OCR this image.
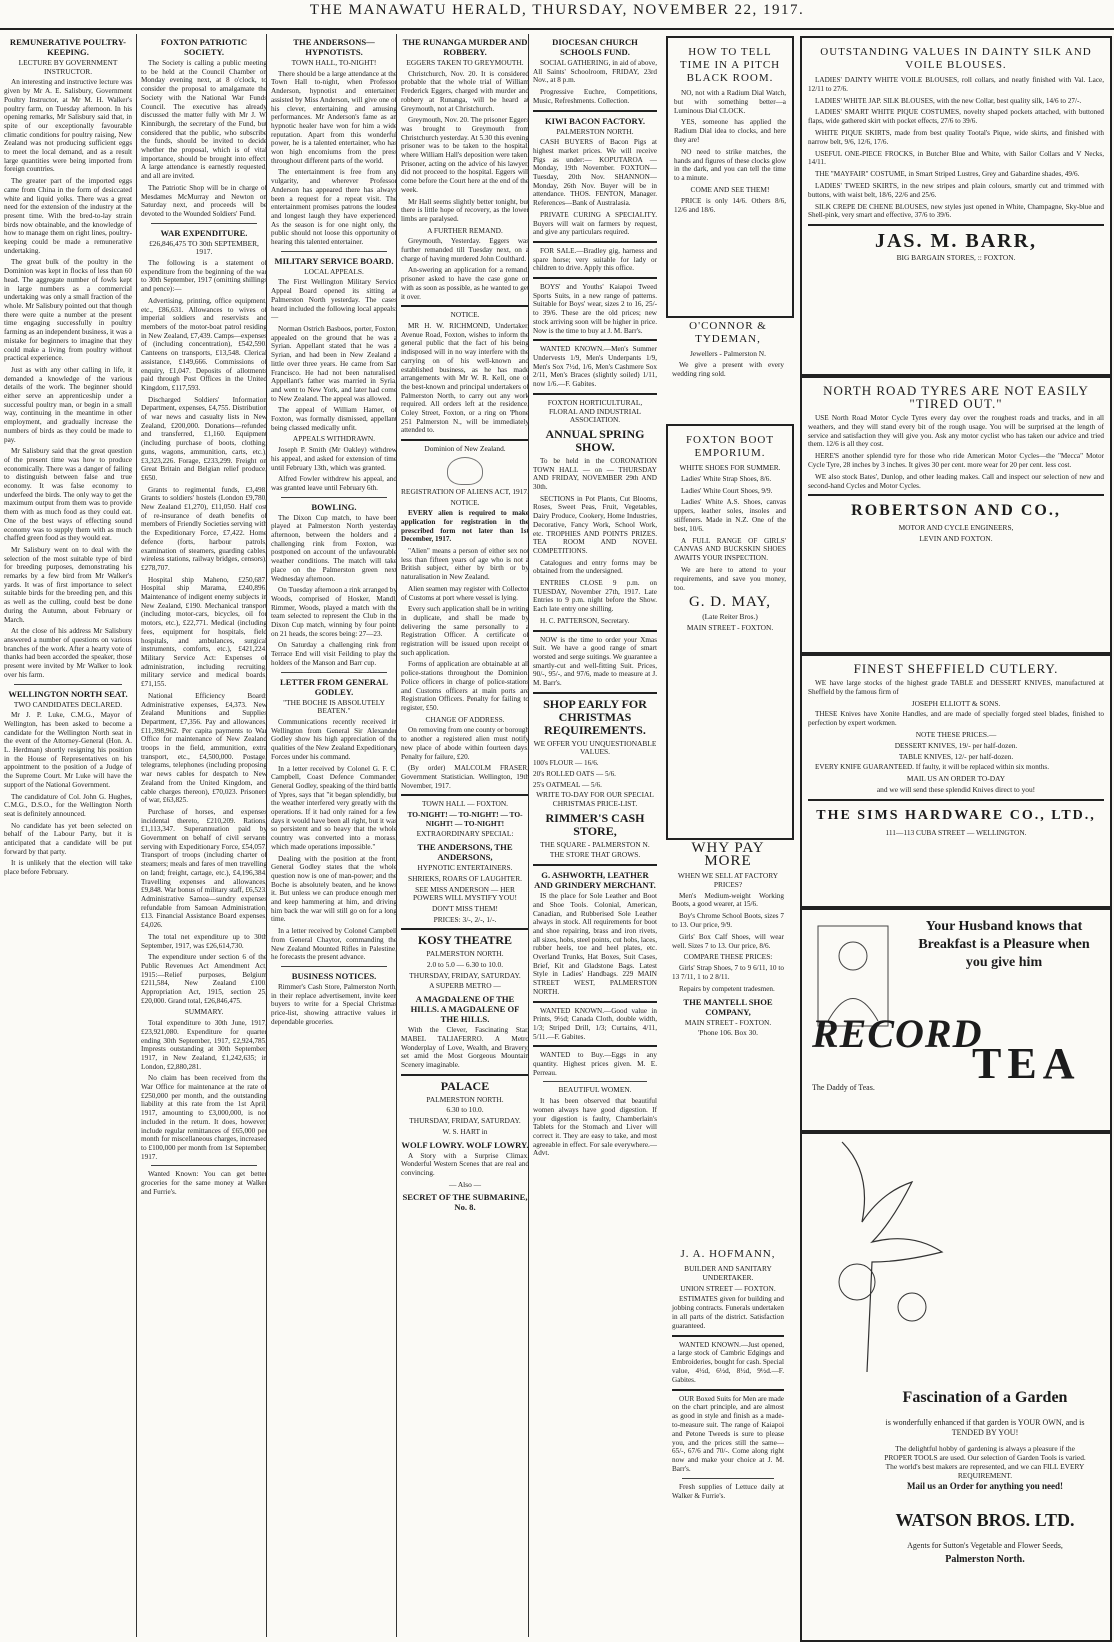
THE MANAWATU HERALD, THURSDAY, NOVEMBER 22, 1917.
REMUNERATIVE POULTRY-KEEPING.
LECTURE BY GOVERNMENT INSTRUCTOR.
An interesting and instructive lecture was given by Mr A. E. Salisbury, Government Poultry Instructor, at Mr M. H. Walker's poultry farm, on Tuesday afternoon. In his opening remarks, Mr Salisbury said that, in spite of our exceptionally favourable climatic conditions for poultry raising, New Zealand was not producing sufficient eggs to meet the local demand, and as a result large quantities were being imported from foreign countries.
The greater part of the imported eggs came from China in the form of desiccated white and liquid yolks. There was a great need for the extension of the industry at the present time. With the bred-to-lay strain birds now obtainable, and the knowledge of how to manage them on right lines, poultry-keeping could be made a remunerative undertaking.
The great bulk of the poultry in the Dominion was kept in flocks of less than 60 head. The aggregate number of fowls kept in large numbers as a commercial undertaking was only a small fraction of the whole. Mr Salisbury pointed out that though there were quite a number at the present time engaging successfully in poultry farming as an independent business, it was a mistake for beginners to imagine that they could make a living from poultry without practical experience.
Just as with any other calling in life, it demanded a knowledge of the various details of the work. The beginner should either serve an apprenticeship under a successful poultry man, or begin in a small way, continuing in the meantime in other employment, and gradually increase the numbers of birds as they could be made to pay.
Mr Salisbury said that the great question of the present time was how to produce economically. There was a danger of failing to distinguish between false and true economy. It was false economy to underfeed the birds. The only way to get the maximum output from them was to provide them with as much food as they could eat. One of the best ways of effecting sound economy was to supply them with as much chaffed green food as they would eat.
Mr Salisbury went on to deal with the selection of the most suitable type of bird for breeding purposes, demonstrating his remarks by a few bird from Mr Walker's yards. It was of first importance to select suitable birds for the breeding pen, and this as well as the culling, could best be done during the Autumn, about February or March.
At the close of his address Mr Salisbury answered a number of questions on various branches of the work. After a hearty vote of thanks had been accorded the speaker, those present were invited by Mr Walker to look over his farm.
WELLINGTON NORTH SEAT.
TWO CANDIDATES DECLARED.
Mr J. P. Luke, C.M.G., Mayor of Wellington, has been asked to become a candidate for the Wellington North seat in the event of the Attorney-General (Hon. A. L. Herdman) shortly resigning his position in the House of Representatives on his appointment to the position of a Judge of the Supreme Court. Mr Luke will have the support of the National Government.
The candidature of Col. John G. Hughes, C.M.G., D.S.O., for the Wellington North seat is definitely announced.
No candidate has yet been selected on behalf of the Labour Party, but it is anticipated that a candidate will be put forward by that party.
It is unlikely that the election will take place before February.
FOXTON PATRIOTIC SOCIETY.
The Society is calling a public meeting to be held at the Council Chamber on Monday evening next, at 8 o'clock, to consider the proposal to amalgamate the Society with the National War Funds Council. The executive has already discussed the matter fully with Mr J. W. Kinniburgh, the secretary of the Fund, but considered that the public, who subscribe the funds, should be invited to decide whether the proposal, which is of vital importance, should be brought into effect. A large attendance is earnestly requested, and all are invited.
The Patriotic Shop will be in charge of Mesdames McMurray and Newton on Saturday next, and proceeds will be devoted to the Wounded Soldiers' Fund.
WAR EXPENDITURE.
£26,846,475 TO 30th SEPTEMBER, 1917.
The following is a statement of expenditure from the beginning of the war to 30th September, 1917 (omitting shillings and pence):—
Advertising, printing, office equipment, etc., £86,631. Allowances to wives of imperial soldiers and reservists and members of the motor-boat patrol residing in New Zealand, £7,439. Camps—expenses of (including concentration), £542,590. Canteens on transports, £13,548. Clerical assistance, £149,666. Commissions of enquiry, £1,047. Deposits of allotments paid through Post Offices in the United Kingdom, £117,593.
Discharged Soldiers' Information Department, expenses, £4,755. Distribution of war news and casualty lists in New Zealand, £200,000. Donations—refunded and transferred, £1,160. Equipment (including purchase of boots, clothing, guns, wagons, ammunition, carts, etc.), £3,323,226. Forage, £233,299. Freight on Great Britain and Belgian relief produce, £650.
Grants to regimental funds, £3,498. Grants to soldiers' hostels (London £9,780, New Zealand £1,270), £11,050. Half cost of re-insurance of death benefits of members of Friendly Societies serving with the Expeditionary Force, £7,422. Home defence (forts, harbour patrols, examination of steamers, guarding cables, wireless stations, railway bridges, censors), £278,707.
Hospital ship Maheno, £250,687. Hospital ship Marama, £240,896. Maintenance of indigent enemy subjects in New Zealand, £190. Mechanical transport (including motor-cars, bicycles, oil for motors, etc.), £22,771. Medical (including fees, equipment for hospitals, field hospitals, and ambulances, surgical instruments, comforts, etc.), £421,224. Military Service Act: Expenses of administration, including recruiting, military service and medical boards, £71,155.
National Efficiency Board: Administrative expenses, £4,373. New Zealand Munitions and Supplies Department, £7,356. Pay and allowances, £11,398,962. Per capita payments to War Office for maintenance of New Zealand troops in the field, ammunition, extra transport, etc., £4,500,000. Postage, telegrams, telephones (including proposing war news cables for despatch to New Zealand from the United Kingdom, and cable charges thereon), £70,023. Prisoners of war, £63,825.
Purchase of horses, and expenses incidental thereto, £210,209. Rations, £1,113,347. Superannuation paid by Government on behalf of civil servants serving with Expeditionary Force, £54,057. Transport of troops (including charter of steamers; meals and fares of men travelling on land; freight, cartage, etc.), £4,196,384. Travelling expenses and allowances, £9,848. War bonus of military staff, £6,523. Administrative Samoa—sundry expenses refundable from Samoan Administration, £13. Financial Assistance Board expenses, £4,026.
The total net expenditure up to 30th September, 1917, was £26,614,730.
The expenditure under section 6 of the Public Revenues Act Amendment Act, 1915:—Relief purposes, Belgium £211,584, New Zealand £100. Appropriation Act, 1915, section 25, £20,000. Grand total, £26,846,475.
SUMMARY.
Total expenditure to 30th June, 1917, £23,921,080. Expenditure for quarter ending 30th September, 1917, £2,924,785. Imprests outstanding at 30th September, 1917, in New Zealand, £1,242,635; in London, £2,880,281.
No claim has been received from the War Office for maintenance at the rate of £250,000 per month, and the outstanding liability at this rate from the 1st April, 1917, amounting to £3,000,000, is not included in the return. It does, however, include regular remittances of £65,000 per month for miscellaneous charges, increased to £100,000 per month from 1st September, 1917.
Wanted Known: You can get better groceries for the same money at Walker and Furrie's.
THE ANDERSONS—HYPNOTISTS.
TOWN HALL, TO-NIGHT!
There should be a large attendance at the Town Hall to-night, when Professor Anderson, hypnotist and entertainer, assisted by Miss Anderson, will give one of his clever, entertaining and amusing performances. Mr Anderson's fame as an hypnotic healer have won for him a wide reputation. Apart from this wonderful power, he is a talented entertainer, who has won high encomiums from the press throughout different parts of the world.
The entertainment is free from any vulgarity, and wherever Professor Anderson has appeared there has always been a request for a repeat visit. The entertainment promises patrons the loudest and longest laugh they have experienced. As the season is for one night only, the public should not loose this opportunity of hearing this talented entertainer.
MILITARY SERVICE BOARD.
LOCAL APPEALS.
The First Wellington Military Service Appeal Board opened its sitting at Palmerston North yesterday. The cases heard included the following local appeals:—
Norman Ostrich Basboos, porter, Foxton, appealed on the ground that he was a Syrian. Appellant stated that he was a Syrian, and had been in New Zealand a little over three years. He came from San Francisco. He had not been naturalised. Appellant's father was married in Syria, and went to New York, and later had come to New Zealand. The appeal was allowed.
The appeal of William Hamer, of Foxton, was formally dismissed, appellant being classed medically unfit.
APPEALS WITHDRAWN.
Joseph P. Smith (Mr Oakley) withdrew his appeal, and asked for extension of time until February 13th, which was granted.
Alfred Fowler withdrew his appeal, and was granted leave until February 6th.
BOWLING.
The Dixon Cup match, to have been played at Palmerston North yesterday afternoon, between the holders and a challenging rink from Foxton, was postponed on account of the unfavourable weather conditions. The match will take place on the Palmerston green next Wednesday afternoon.
On Tuesday afternoon a rink arranged by Woods, comprised of Hosker, Mandl, Rimmer, Woods, played a match with the team selected to represent the Club in the Dixon Cup match, winning by four points on 21 heads, the scores being: 27—23.
On Saturday a challenging rink from Terrace End will visit Feilding to play the holders of the Manson and Barr cup.
LETTER FROM GENERAL GODLEY.
"THE BOCHE IS ABSOLUTELY BEATEN."
Communications recently received in Wellington from General Sir Alexander Godley show his high appreciation of the qualities of the New Zealand Expeditionary Forces under his command.
In a letter received by Colonel G. F. C. Campbell, Coast Defence Commander, General Godley, speaking of the third battle of Ypres, says that "it began splendidly, but the weather interfered very greatly with the operations. If it had only rained for a few days it would have been all right, but it was so persistent and so heavy that the whole country was converted into a morass, which made operations impossible."
Dealing with the position at the front, General Godley states that the whole question now is one of man-power; and the Boche is absolutely beaten, and he knows it. But unless we can produce enough men and keep hammering at him, and driving him back the war will still go on for a long time.
In a letter received by Colonel Campbell from General Chaytor, commanding the New Zealand Mounted Rifles in Palestine, he forecasts the present advance.
BUSINESS NOTICES.
Rimmer's Cash Store, Palmerston North, in their replace advertisement, invite keen buyers to write for a Special Christmas price-list, showing attractive values in dependable groceries.
THE RUNANGA MURDER AND ROBBERY.
EGGERS TAKEN TO GREYMOUTH.
Christchurch, Nov. 20. It is considered probable that the whole trial of William Frederick Eggers, charged with murder and robbery at Runanga, will be heard at Greymouth, not at Christchurch.
Greymouth, Nov. 20. The prisoner Eggers was brought to Greymouth from Christchurch yesterday. At 5.30 this evening prisoner was to be taken to the hospital, where William Hall's deposition were taken. Prisoner, acting on the advice of his lawyer, did not proceed to the hospital. Eggers will come before the Court here at the end of the week.
Mr Hall seems slightly better tonight, but there is little hope of recovery, as the lower limbs are paralysed.
A FURTHER REMAND.
Greymouth, Yesterday. Eggers was further remanded till Tuesday next, on a charge of having murdered John Coulthard.
An-swering an application for a remand, prisoner asked to have the case gone on with as soon as possible, as he wanted to get it over.
NOTICE.
MR H. W. RICHMOND, Undertaker, Avenue Road, Foxton, wishes to inform the general public that the fact of his being indisposed will in no way interfere with the carrying on of his well-known and established business, as he has made arrangements with Mr W. R. Kell, one of the best-known and principal undertakers of Palmerston North, to carry out any work required. All orders left at the residence, Coley Street, Foxton, or a ring on 'Phone 251 Palmerston N., will be immediately attended to.
Dominion of New Zealand.
REGISTRATION OF ALIENS ACT, 1917.
NOTICE.
EVERY alien is required to make application for registration in the prescribed form not later than 1st December, 1917.
"Alien" means a person of either sex not less than fifteen years of age who is not a British subject, either by birth or by naturalisation in New Zealand.
Alien seamen may register with Collector of Customs at port where vessel is lying.
Every such application shall be in writing in duplicate, and shall be made by delivering the same personally to a Registration Officer. A certificate of registration will be issued upon receipt of such application.
Forms of application are obtainable at all police-stations throughout the Dominion. Police officers in charge of police-stations and Customs officers at main ports are Registration Officers. Penalty for failing to register, £50.
CHANGE OF ADDRESS.
On removing from one county or borough to another a registered alien must notify new place of abode within fourteen days. Penalty for failure, £20.
(By order) MALCOLM FRASER, Government Statistician. Wellington, 19th November, 1917.
TOWN HALL — FOXTON.
TO-NIGHT! — TO-NIGHT! — TO-NIGHT! — TO-NIGHT!
EXTRAORDINARY SPECIAL:
THE ANDERSONS, THE ANDERSONS,
HYPNOTIC ENTERTAINERS.
SHRIEKS, ROARS OF LAUGHTER.
SEE MISS ANDERSON — HER POWERS WILL MYSTIFY YOU!
DON'T MISS THEM!
PRICES: 3/-, 2/-, 1/-.
KOSY THEATRE
PALMERSTON NORTH.
2.0 to 5.0 — 6.30 to 10.0.
THURSDAY, FRIDAY, SATURDAY.
A SUPERB METRO —
A MAGDALENE OF THE HILLS. A MAGDALENE OF THE HILLS.
With the Clever, Fascinating Star, MABEL TALIAFERRO. A Metro Wonderplay of Love, Wealth, and Bravery, set amid the Most Gorgeous Mountain Scenery imaginable.
PALACE
PALMERSTON NORTH.
6.30 to 10.0.
THURSDAY, FRIDAY, SATURDAY.
W. S. HART in
WOLF LOWRY. WOLF LOWRY.
A Story with a Surprise Climax. Wonderful Western Scenes that are real and convincing.
— Also —
SECRET OF THE SUBMARINE, No. 8.
DIOCESAN CHURCH SCHOOLS FUND.
SOCIAL GATHERING, in aid of above, All Saints' Schoolroom, FRIDAY, 23rd Nov., at 8 p.m.
Progressive Euchre, Competitions, Music, Refreshments. Collection.
KIWI BACON FACTORY.
PALMERSTON NORTH.
CASH BUYERS of Bacon Pigs at highest market prices. We will receive Pigs as under:— KOPUTAROA — Monday, 19th November. FOXTON—Tuesday, 20th Nov. SHANNON—Monday, 26th Nov. Buyer will be in attendance. THOS. FENTON, Manager. References—Bank of Australasia.
PRIVATE CURING A SPECIALITY. Buyers will wait on farmers by request, and give any particulars required.
FOR SALE.—Bradley gig, harness and spare horse; very suitable for lady or children to drive. Apply this office.
BOYS' and Youths' Kaiapoi Tweed Sports Suits, in a new range of patterns. Suitable for Boys' wear, sizes 2 to 16, 25/- to 39/6. These are the old prices; new stock arriving soon will be higher in price. Now is the time to buy at J. M. Barr's.
WANTED KNOWN.—Men's Summer Undervests 1/9, Men's Underpants 1/9, Men's Sox 7½d, 1/6, Men's Cashmere Sox 2/11, Men's Braces (slightly soiled) 1/11, now 1/6.—F. Gabites.
FOXTON HORTICULTURAL, FLORAL AND INDUSTRIAL ASSOCIATION.
ANNUAL SPRING SHOW.
To be held in the CORONATION TOWN HALL — on — THURSDAY AND FRIDAY, NOVEMBER 29th AND 30th.
SECTIONS in Pot Plants, Cut Blooms, Roses, Sweet Peas, Fruit, Vegetables, Dairy Produce, Cookery, Home Industries, Decorative, Fancy Work, School Work, etc. TROPHIES AND POINTS PRIZES. TEA ROOM AND NOVEL COMPETITIONS.
Catalogues and entry forms may be obtained from the undersigned.
ENTRIES CLOSE 9 p.m. on TUESDAY, November 27th, 1917. Late Entries to 9 p.m. night before the Show. Each late entry one shilling.
H. C. PATTERSON, Secretary.
NOW is the time to order your Xmas Suit. We have a good range of smart worsted and serge suitings. We guarantee a smartly-cut and well-fitting Suit. Prices, 90/-, 95/-, and 97/6, made to measure at J. M. Barr's.
SHOP EARLY FOR CHRISTMAS REQUIREMENTS.
WE OFFER YOU UNQUESTIONABLE VALUES.
100's FLOUR — 16/6.
20's ROLLED OATS — 5/6.
25's OATMEAL — 5/6.
WRITE TO-DAY FOR OUR SPECIAL CHRISTMAS PRICE-LIST.
RIMMER'S CASH STORE,
THE SQUARE - PALMERSTON N.
THE STORE THAT GROWS.
G. ASHWORTH, LEATHER AND GRINDERY MERCHANT.
IS the place for Sole Leather and Boot and Shoe Tools. Colonial, American, Canadian, and Rubberised Sole Leather always in stock. All requirements for boot and shoe repairing, brass and iron rivets, all sizes, hobs, steel points, cut hobs, laces, rubber heels, toe and heel plates, etc. Overland Trunks, Hat Boxes, Suit Cases, Brief, Kit and Gladstone Bags. Latest Style in Ladies' Handbags. 229 MAIN STREET WEST, PALMERSTON NORTH.
WANTED KNOWN.—Good value in Prints, 9½d; Canada Cloth, double width, 1/3; Striped Drill, 1/3; Curtains, 4/11, 5/11.—F. Gabites.
WANTED to Buy.—Eggs in any quantity. Highest prices given. M. E. Perreau.
BEAUTIFUL WOMEN.
It has been observed that beautiful women always have good digestion. If your digestion is faulty, Chamberlain's Tablets for the Stomach and Liver will correct it. They are easy to take, and most agreeable in effect. For sale everywhere.—Advt.
HOW TO TELL TIME IN A PITCH BLACK ROOM.
NO, not with a Radium Dial Watch, but with something better—a Luminous Dial CLOCK.
YES, someone has applied the Radium Dial idea to clocks, and here they are!
NO need to strike matches, the hands and figures of these clocks glow in the dark, and you can tell the time to a minute.
COME AND SEE THEM!
PRICE is only 14/6. Others 8/6, 12/6 and 18/6.
O'CONNOR & TYDEMAN,
Jewellers - Palmerston N.
We give a present with every wedding ring sold.
FOXTON BOOT EMPORIUM.
WHITE SHOES FOR SUMMER.
Ladies' White Strap Shoes, 8/6.
Ladies' White Court Shoes, 9/9.
Ladies' White A.S. Shoes, canvas uppers, leather soles, insoles and stiffeners. Made in N.Z. One of the best, 10/6.
A FULL RANGE OF GIRLS' CANVAS AND BUCKSKIN SHOES AWAITS YOUR INSPECTION.
We are here to attend to your requirements, and save you money, too.
G. D. MAY,
(Late Reiter Bros.)
MAIN STREET - FOXTON.
WHY PAY MORE
WHEN WE SELL AT FACTORY PRICES?
Men's Medium-weight Working Boots, a good wearer, at 15/6.
Boy's Chrome School Boots, sizes 7 to 13. Our price, 9/9.
Girls' Box Calf Shoes, will wear well. Sizes 7 to 13. Our price, 8/6.
COMPARE THESE PRICES:
Girls' Strap Shoes, 7 to 9 6/11, 10 to 13 7/11, 1 to 2 8/11.
Repairs by competent tradesmen.
THE MANTELL SHOE COMPANY,
MAIN STREET - FOXTON.
'Phone 106. Box 30.
J. A. HOFMANN,
BUILDER AND SANITARY UNDERTAKER.
UNION STREET — FOXTON.
ESTIMATES given for building and jobbing contracts. Funerals undertaken in all parts of the district. Satisfaction guaranteed.
WANTED KNOWN.—Just opened, a large stock of Cambric Edgings and Embroideries, bought for cash. Special value, 4½d, 6½d, 8½d, 9½d.—F. Gabites.
OUR Boxed Suits for Men are made on the chart principle, and are almost as good in style and finish as a made-to-measure suit. The range of Kaiapoi and Petone Tweeds is sure to please you, and the prices still the same—65/-, 67/6 and 70/-. Come along right now and make your choice at J. M. Barr's.
Fresh supplies of Lettuce daily at Walker & Furrie's.
OUTSTANDING VALUES IN DAINTY SILK AND VOILE BLOUSES.
LADIES' DAINTY WHITE VOILE BLOUSES, roll collars, and neatly finished with Val. Lace, 12/11 to 27/6.
LADIES' WHITE JAP. SILK BLOUSES, with the new Collar, best quality silk, 14/6 to 27/-.
LADIES' SMART WHITE PIQUE COSTUMES, novelty shaped pockets attached, with buttoned flaps, wide gathered skirt with pocket effects, 27/6 to 39/6.
WHITE PIQUE SKIRTS, made from best quality Tootal's Pique, wide skirts, and finished with narrow belt, 9/6, 12/6, 17/6.
USEFUL ONE-PIECE FROCKS, in Butcher Blue and White, with Sailor Collars and V Necks, 14/11.
THE "MAYFAIR" COSTUME, in Smart Striped Lustres, Grey and Gabardine shades, 49/6.
LADIES' TWEED SKIRTS, in the new stripes and plain colours, smartly cut and trimmed with buttons, with waist belt, 18/6, 22/6 and 25/6.
SILK CREPE DE CHENE BLOUSES, new styles just opened in White, Champagne, Sky-blue and Shell-pink, very smart and effective, 37/6 to 39/6.
JAS. M. BARR,
BIG BARGAIN STORES, :: FOXTON.
NORTH ROAD TYRES ARE NOT EASILY "TIRED OUT."
USE North Road Motor Cycle Tyres every day over the roughest roads and tracks, and in all weathers, and they will stand every bit of the rough usage. You will be surprised at the length of service and satisfaction they will give you. Ask any motor cyclist who has taken our advice and tried them. 12/6 is all they cost.
HERE'S another splendid tyre for those who ride American Motor Cycles—the "Mecca" Motor Cycle Tyre, 28 inches by 3 inches. It gives 30 per cent. more wear for 20 per cent. less cost.
WE also stock Bates', Dunlop, and other leading makes. Call and inspect our selection of new and second-hand Cycles and Motor Cycles.
ROBERTSON AND CO.,
MOTOR AND CYCLE ENGINEERS,
LEVIN AND FOXTON.
FINEST SHEFFIELD CUTLERY.
WE have large stocks of the highest grade TABLE and DESSERT KNIVES, manufactured at Sheffield by the famous firm of
JOSEPH ELLIOTT & SONS.
THESE Knives have Xonite Handles, and are made of specially forged steel blades, finished to perfection by expert workmen.
NOTE THESE PRICES.—
DESSERT KNIVES, 19/- per half-dozen.
TABLE KNIVES, 12/- per half-dozen.
EVERY KNIFE GUARANTEED. If faulty, it will be replaced within six months.
MAIL US AN ORDER TO-DAY
and we will send these splendid Knives direct to you!
THE SIMS HARDWARE CO., LTD.,
111—113 CUBA STREET — WELLINGTON.
Your Husband knows that Breakfast is a Pleasure when you give him
RECORD
TEA
The Daddy of Teas.
Fascination of a Garden
is wonderfully enhanced if that garden is YOUR OWN, and is TENDED BY YOU!
The delightful hobby of gardening is always a pleasure if the PROPER TOOLS are used. Our selection of Garden Tools is varied. The world's best makers are represented, and we can FILL EVERY REQUIREMENT.
Mail us an Order for anything you need!
WATSON BROS. LTD.
Agents for Sutton's Vegetable and Flower Seeds,
Palmerston North.
